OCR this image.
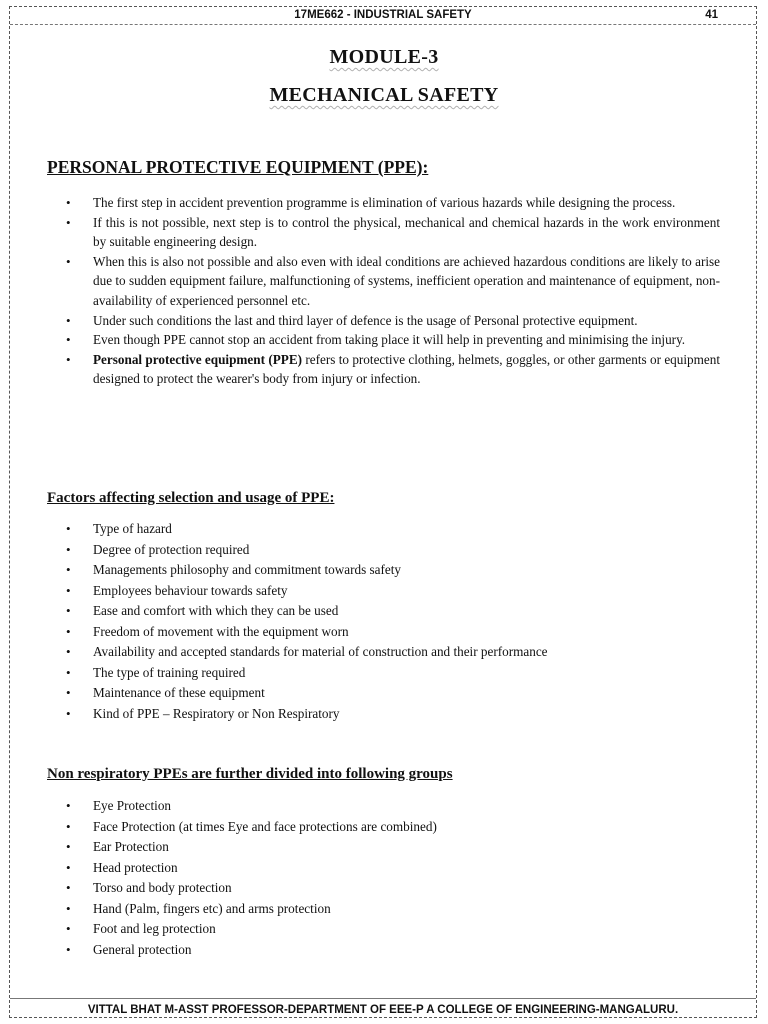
17ME662 - INDUSTRIAL SAFETY	41
MODULE-3
MECHANICAL SAFETY
PERSONAL PROTECTIVE EQUIPMENT (PPE):
• The first step in accident prevention programme is elimination of various hazards while designing the process.
• If this is not possible, next step is to control the physical, mechanical and chemical hazards in the work environment by suitable engineering design.
• When this is also not possible and also even with ideal conditions are achieved hazardous conditions are likely to arise due to sudden equipment failure, malfunctioning of systems, inefficient operation and maintenance of equipment, non-availability of experienced personnel etc.
• Under such conditions the last and third layer of defence is the usage of Personal protective equipment.
• Even though PPE cannot stop an accident from taking place it will help in preventing and minimising the injury.
• Personal protective equipment (PPE) refers to protective clothing, helmets, goggles, or other garments or equipment designed to protect the wearer's body from injury or infection.
Factors affecting selection and usage of PPE:
• Type of hazard
• Degree of protection required
• Managements philosophy and commitment towards safety
• Employees behaviour towards safety
• Ease and comfort with which they can be used
• Freedom of movement with the equipment worn
• Availability and accepted standards for material of construction and their performance
• The type of training required
• Maintenance of these equipment
• Kind of PPE – Respiratory or Non Respiratory
Non respiratory PPEs are further divided into following groups
• Eye Protection
• Face Protection (at times Eye and face protections are combined)
• Ear Protection
• Head protection
• Torso and body protection
• Hand (Palm, fingers etc) and arms protection
• Foot and leg protection
• General protection
VITTAL BHAT M-ASST PROFESSOR-DEPARTMENT OF EEE-P A COLLEGE OF ENGINEERING-MANGALURU.
